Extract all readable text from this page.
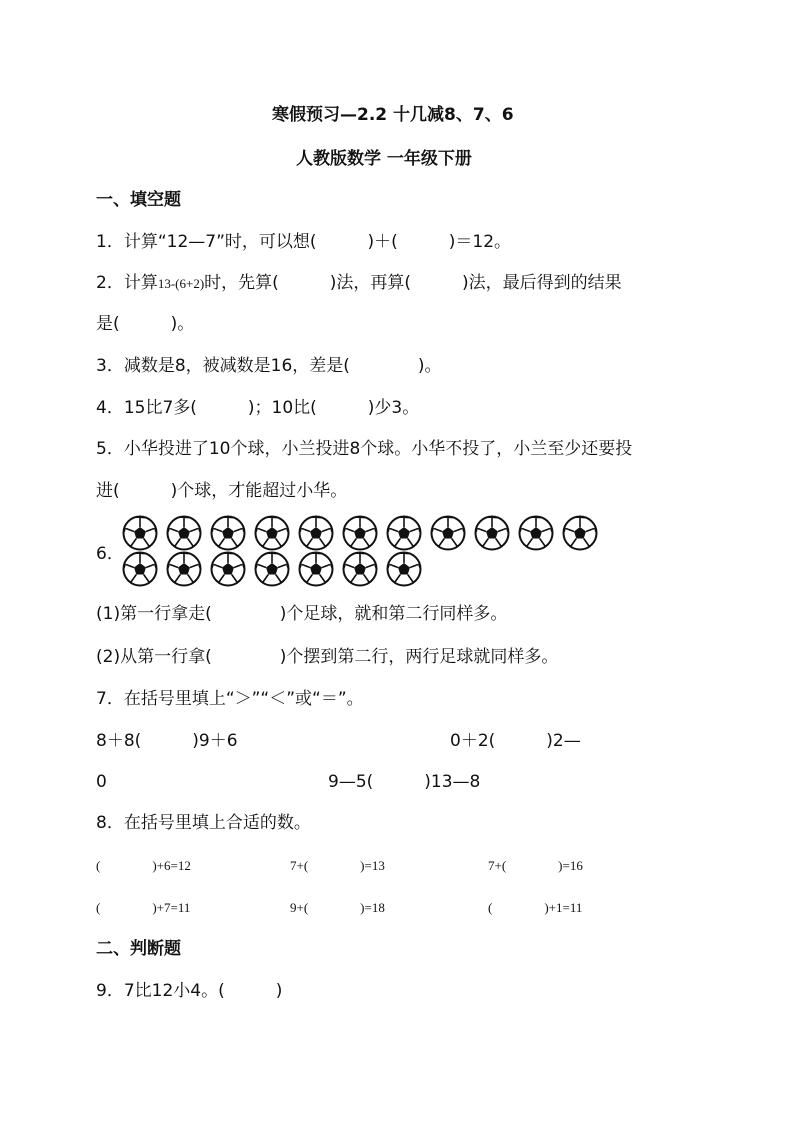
寒假预习—2.2 十几减8、7、6
人教版数学 一年级下册
一、填空题
1．计算“12—7”时，可以想(　　　)＋(　　　)＝12。
2．计算13-(6+2)时，先算(　　　)法，再算(　　　)法，最后得到的结果
是(　　　)。
3．减数是8，被减数是16，差是(　　　　)。
4．15比7多(　　　)；10比(　　　)少3。
5．小华投进了10个球，小兰投进8个球。小华不投了，小兰至少还要投
进(　　　)个球，才能超过小华。
6．
(1)第一行拿走(　　　　)个足球，就和第二行同样多。
(2)从第一行拿(　　　　)个摆到第二行，两行足球就同样多。
7．在括号里填上“＞”“＜”或“＝”。
8＋8(　　　)9＋6	0＋2(　　　)2—
0	9—5(　　　)13—8
8．在括号里填上合适的数。
(　　　　)+6=12	7+(　　　　)=13	7+(　　　　)=16
(　　　　)+7=11	9+(　　　　)=18	(　　　　)+1=11
二、判断题
9．7比12小4。(　　　)
